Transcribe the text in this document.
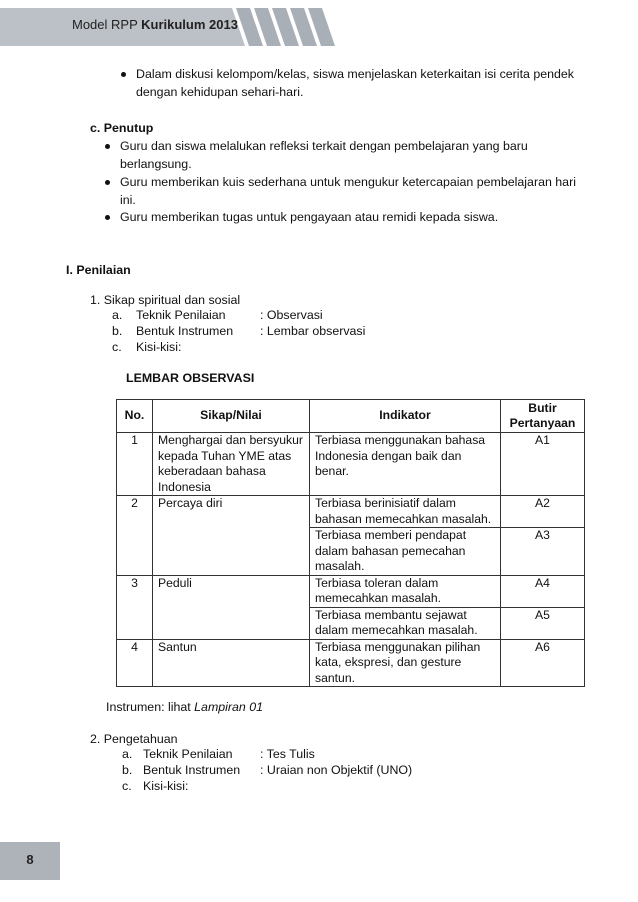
Model RPP Kurikulum 2013
Dalam diskusi kelompom/kelas, siswa menjelaskan keterkaitan isi cerita pendek
dengan kehidupan sehari-hari.
c. Penutup
Guru dan siswa melalukan refleksi terkait dengan pembelajaran yang baru
berlangsung.
Guru memberikan kuis sederhana untuk mengukur ketercapaian pembelajaran hari
ini.
Guru memberikan tugas untuk pengayaan atau remidi kepada siswa.
I. Penilaian
1. Sikap spiritual dan sosial
a. Teknik Penilaian	: Observasi
b. Bentuk Instrumen : Lembar observasi
c. Kisi-kisi:
LEMBAR OBSERVASI
No.	Sikap/Nilai	Indikator	Butir
Pertanyaan
1	Menghargai dan bersyukur
kepada Tuhan YME atas
keberadaan bahasa
Indonesia	Terbiasa menggunakan bahasa
Indonesia dengan baik dan
benar.	A1
2	Percaya diri	Terbiasa berinisiatif dalam
bahasan memecahkan masalah.	A2
		Terbiasa memberi pendapat
dalam bahasan pemecahan
masalah.	A3
3	Peduli	Terbiasa toleran dalam
memecahkan masalah.	A4
		Terbiasa membantu sejawat
dalam memecahkan masalah.	A5
4	Santun	Terbiasa menggunakan pilihan
kata, ekspresi, dan gesture
santun.	A6
Instrumen: lihat Lampiran 01
2. Pengetahuan
a. Teknik Penilaian : Tes Tulis
b. Bentuk Instrumen : Uraian non Objektif (UNO)
c. Kisi-kisi:
8
